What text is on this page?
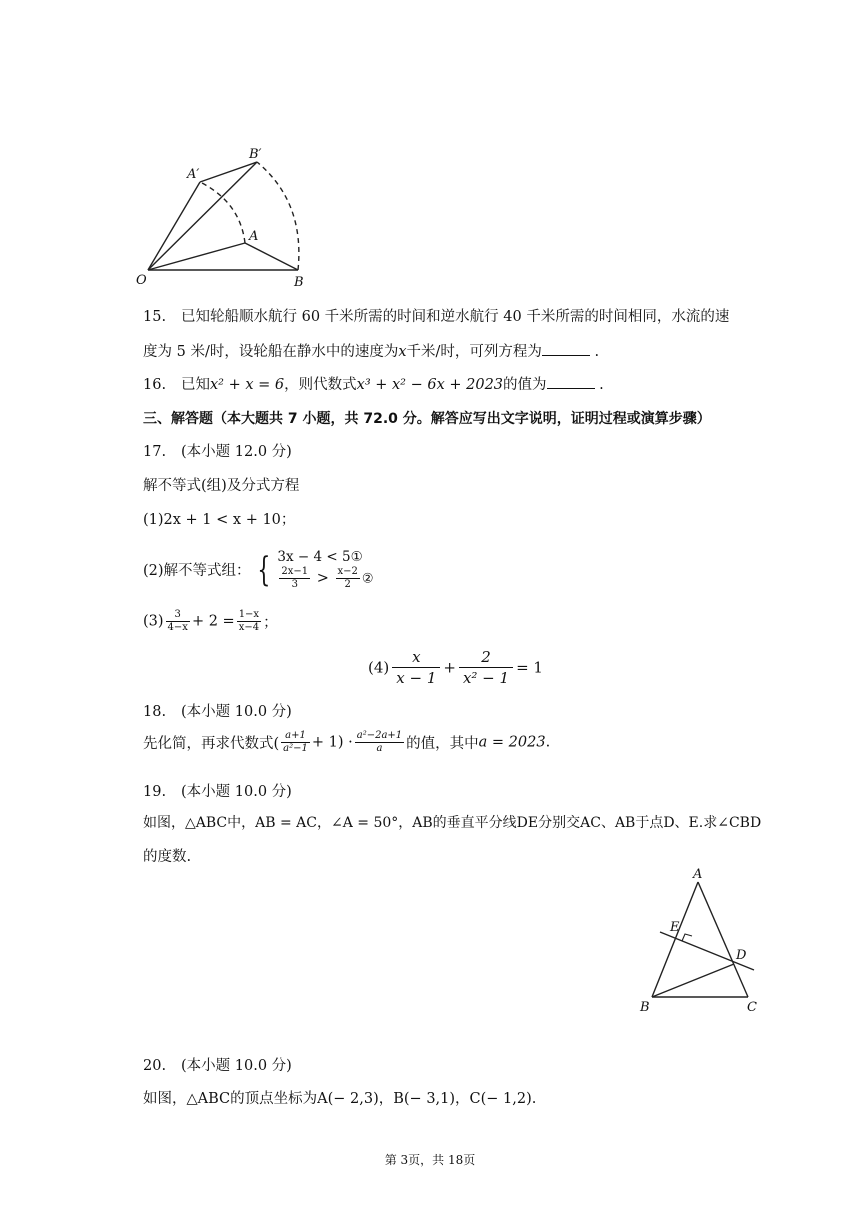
O	B
A
A′
B′
15. 已知轮船顺水航行 60 千米所需的时间和逆水航行 40 千米所需的时间相同，水流的速
度为 5 米/时，设轮船在静水中的速度为x千米/时，可列方程为	.
16. 已知x² + x = 6，则代数式x³ + x² − 6x + 2023的值为	.
三、解答题（本大题共 7 小题，共 72.0 分。解答应写出文字说明，证明过程或演算步骤）
17. (本小题 12.0 分)
解不等式(组)及分式方程
(1)2x + 1 < x + 10；
(2)解不等式组： { 3x − 4 < 5①
$\frac{2x-1}{3} > \frac{x-2}{2}$ ②
$(3) \frac{3}{4-x} + 2 = \frac{1-x}{x-4}$ ；
$(4) \frac{x}{x - 1} + \frac{2}{\text{x² − 1}} = 1$
18. (本小题 10.0 分)
先化简，再求代数式( $\frac{a+1}{\text{a²−1}} + 1) \cdot \frac{\text{a²−2a+1}}{a}$ 的值，其中a = 2023.
19. (本小题 10.0 分)
如图，△ABC中，AB = AC，∠A = 50°，AB的垂直平分线DE分别交AC、AB于点D、E.求∠CBD
的度数.
A
E
D
B	C
20. (本小题 10.0 分)
如图，△ABC的顶点坐标为A(− 2,3)，B(− 3,1)，C(− 1,2).
第 3页，共 18页
